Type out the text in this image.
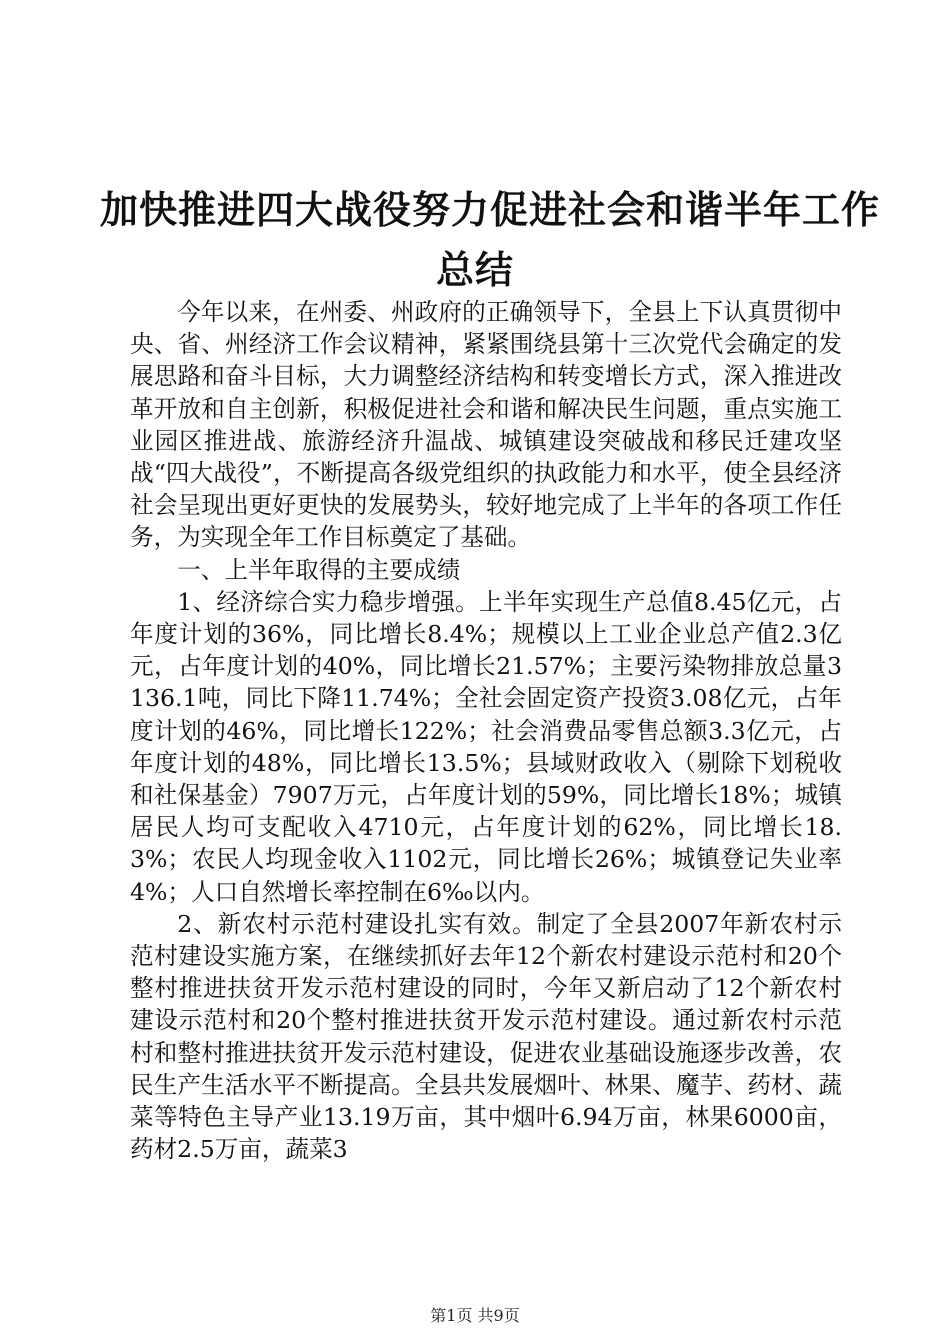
加快推进四大战役努力促进社会和谐半年工作
总结

今年以来，在州委、州政府的正确领导下，全县上下认真贯彻中央、省、州经济工作会议精神，紧紧围绕县第十三次党代会确定的发展思路和奋斗目标，大力调整经济结构和转变增长方式，深入推进改革开放和自主创新，积极促进社会和谐和解决民生问题，重点实施工业园区推进战、旅游经济升温战、城镇建设突破战和移民迁建攻坚战“四大战役”，不断提高各级党组织的执政能力和水平，使全县经济社会呈现出更好更快的发展势头，较好地完成了上半年的各项工作任务，为实现全年工作目标奠定了基础。

一、上半年取得的主要成绩

1、经济综合实力稳步增强。上半年实现生产总值8.45亿元，占年度计划的36%，同比增长8.4%；规模以上工业企业总产值2.3亿元，占年度计划的40%，同比增长21.57%；主要污染物排放总量3136.1吨，同比下降11.74%；全社会固定资产投资3.08亿元，占年度计划的46%，同比增长122%；社会消费品零售总额3.3亿元，占年度计划的48%，同比增长13.5%；县域财政收入（剔除下划税收和社保基金）7907万元，占年度计划的59%，同比增长18%；城镇居民人均可支配收入4710元，占年度计划的62%，同比增长18.3%；农民人均现金收入1102元，同比增长26%；城镇登记失业率4%；人口自然增长率控制在6‰以内。

2、新农村示范村建设扎实有效。制定了全县2007年新农村示范村建设实施方案，在继续抓好去年12个新农村建设示范村和20个整村推进扶贫开发示范村建设的同时，今年又新启动了12个新农村建设示范村和20个整村推进扶贫开发示范村建设。通过新农村示范村和整村推进扶贫开发示范村建设，促进农业基础设施逐步改善，农民生产生活水平不断提高。全县共发展烟叶、林果、魔芋、药材、蔬菜等特色主导产业13.19万亩，其中烟叶6.94万亩，林果6000亩，药材2.5万亩，蔬菜3

第1页 共9页
